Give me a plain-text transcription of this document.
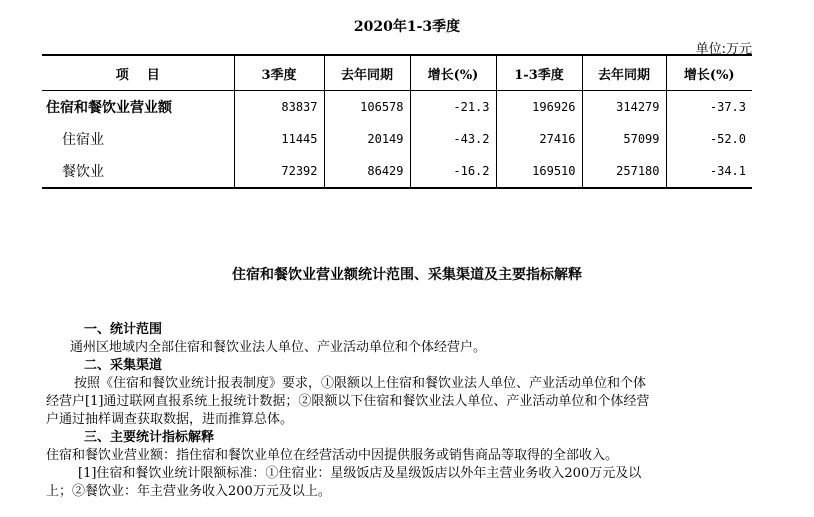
2020年1-3季度
单位:万元
项    目	3季度	去年同期	增长(%)	1-3季度	去年同期	增长(%)
住宿和餐饮业营业额	83837	106578	-21.3	196926	314279	-37.3
住宿业	11445	20149	-43.2	27416	57099	-52.0
餐饮业	72392	86429	-16.2	169510	257180	-34.1
住宿和餐饮业营业额统计范围、采集渠道及主要指标解释
一、统计范围
通州区地域内全部住宿和餐饮业法人单位、产业活动单位和个体经营户。
二、采集渠道
按照《住宿和餐饮业统计报表制度》要求，①限额以上住宿和餐饮业法人单位、产业活动单位和个体
经营户[1]通过联网直报系统上报统计数据；②限额以下住宿和餐饮业法人单位、产业活动单位和个体经营
户通过抽样调查获取数据，进而推算总体。
三、主要统计指标解释
住宿和餐饮业营业额：指住宿和餐饮业单位在经营活动中因提供服务或销售商品等取得的全部收入。
[1]住宿和餐饮业统计限额标准：①住宿业：星级饭店及星级饭店以外年主营业务收入200万元及以
上；②餐饮业：年主营业务收入200万元及以上。
